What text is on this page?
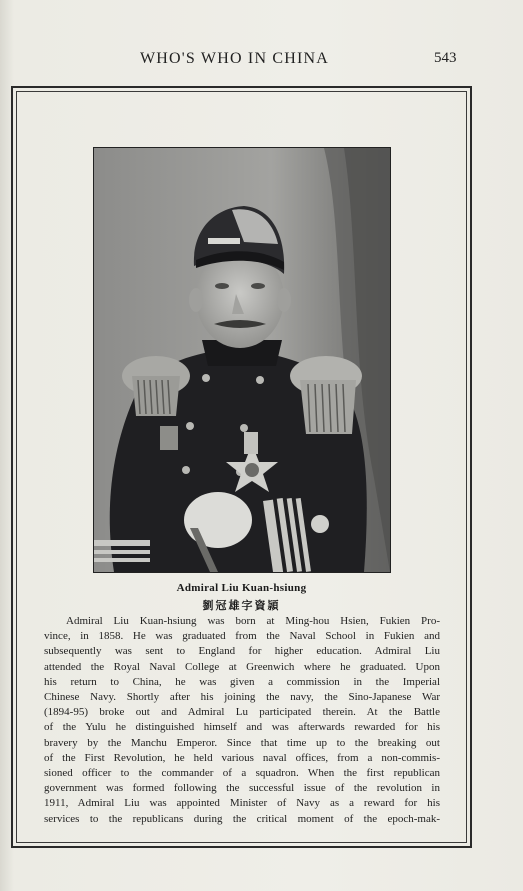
WHO'S WHO IN CHINA	543
Admiral Liu Kuan-hsiung
劉冠雄字資頴
Admiral Liu Kuan-hsiung was born at Ming-hou Hsien, Fukien Pro-
vince, in 1858. He was graduated from the Naval School in Fukien and
subsequently was sent to England for higher education. Admiral Liu
attended the Royal Naval College at Greenwich where he graduated. Upon
his return to China, he was given a commission in the Imperial
Chinese Navy. Shortly after his joining the navy, the Sino-Japanese War
(1894-95) broke out and Admiral Lu participated therein. At the Battle
of the Yulu he distinguished himself and was afterwards rewarded for his
bravery by the Manchu Emperor. Since that time up to the breaking out
of the First Revolution, he held various naval offices, from a non-commis-
sioned officer to the commander of a squadron. When the first republican
government was formed following the successful issue of the revolution in
1911, Admiral Liu was appointed Minister of Navy as a reward for his
services to the republicans during the critical moment of the epoch-mak-
